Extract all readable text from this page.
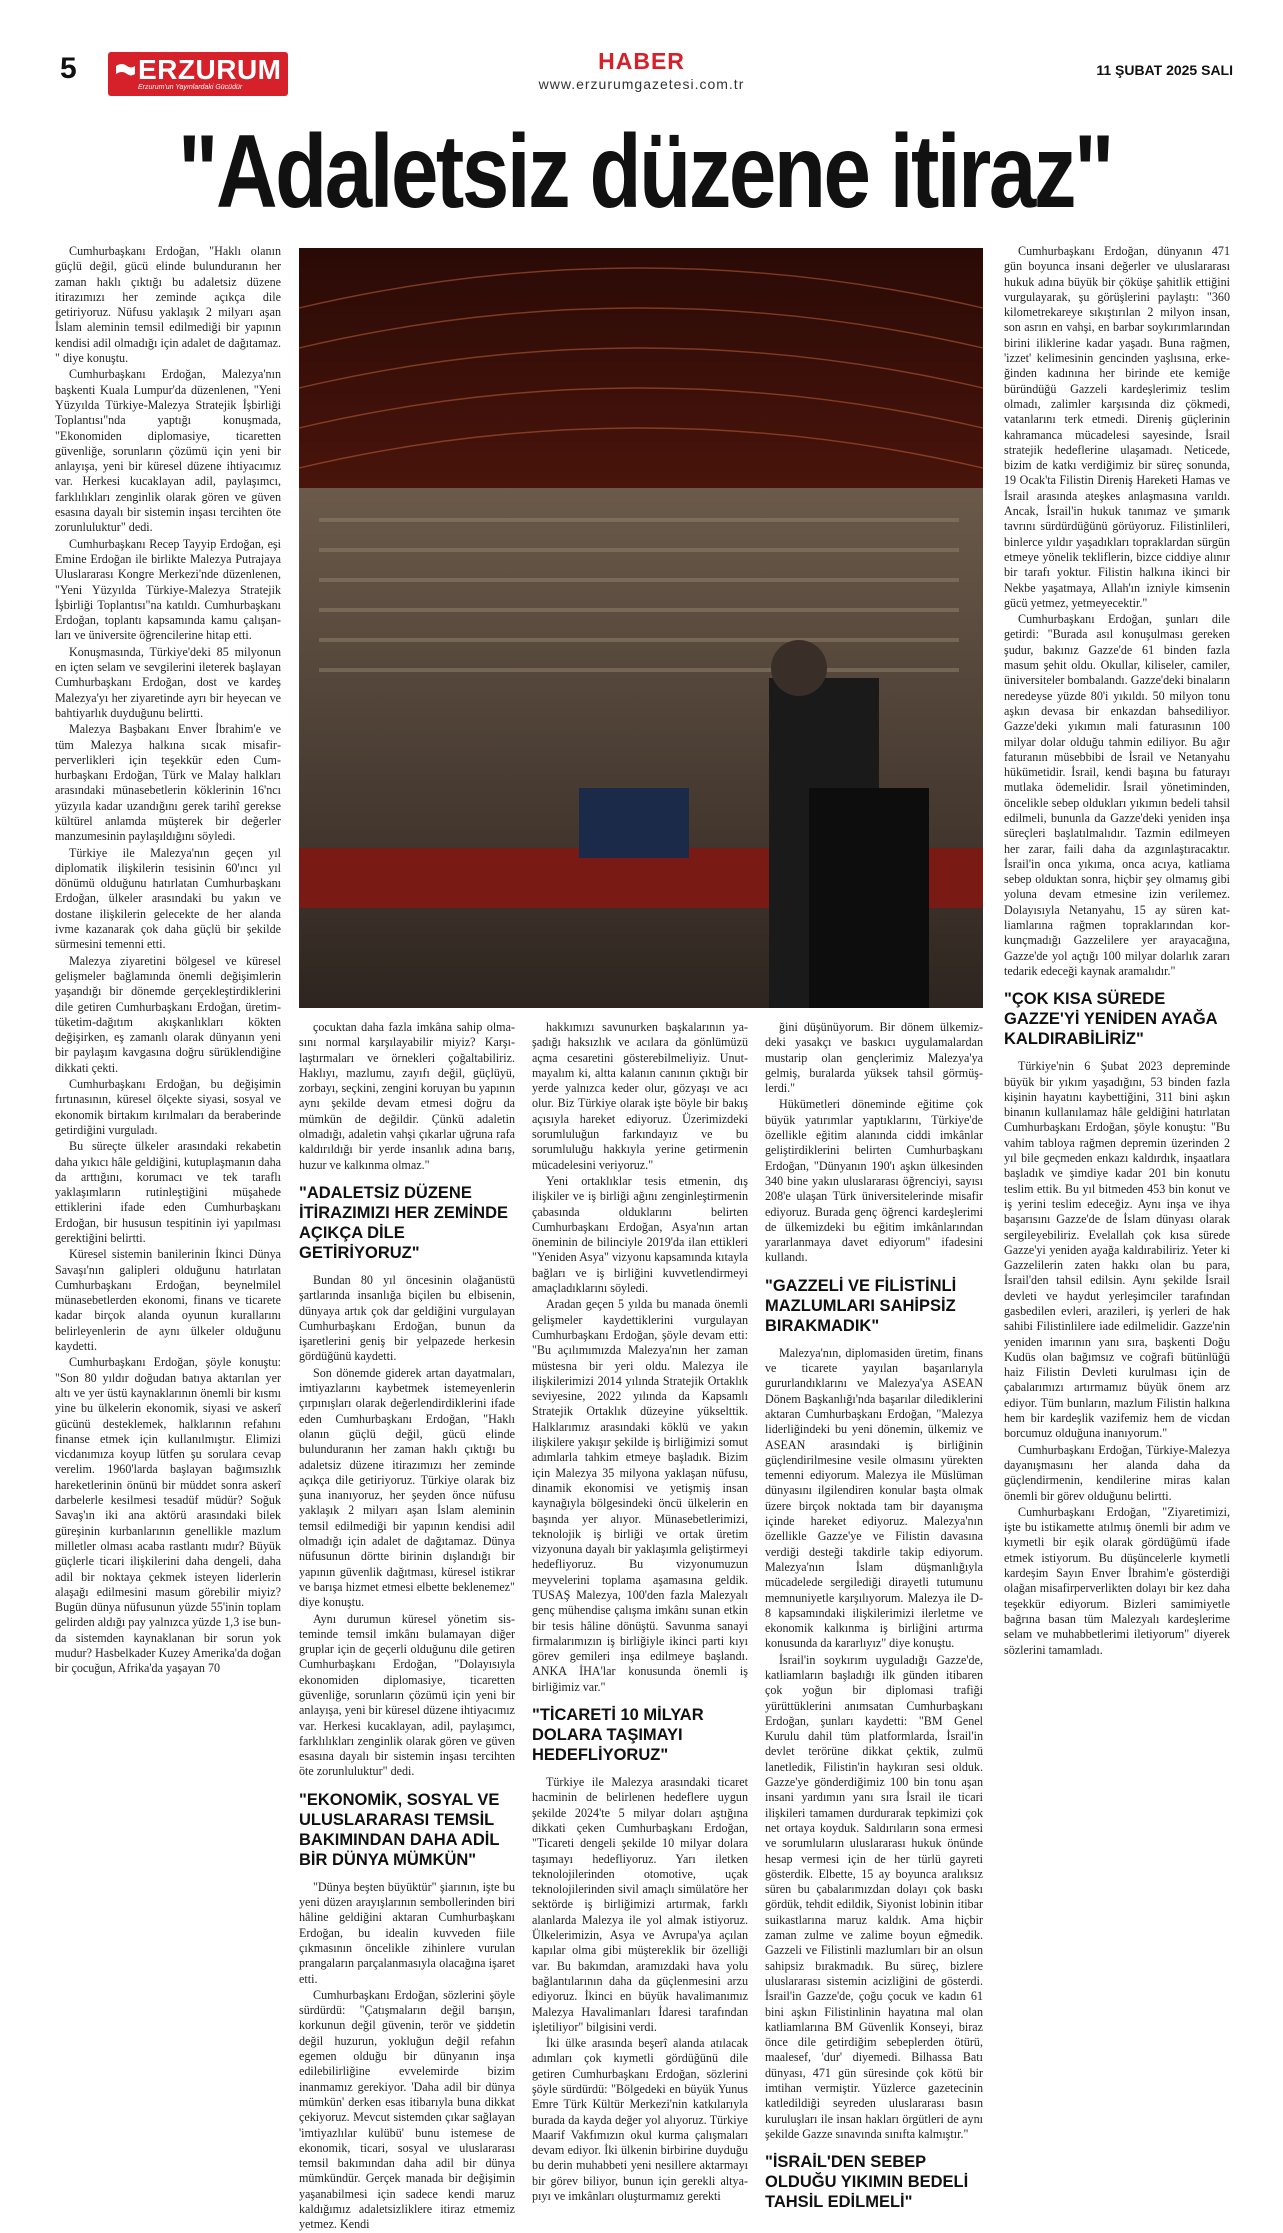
5 ERZURUM
Erzurum'un Yayınlardaki Gücüdür
HABER
www.erzurumgazetesi.com.tr
11 ŞUBAT 2025 SALI
"Adaletsiz düzene itiraz"

Cumhurbaşkanı Erdoğan, "Haklı olanın güçlü değil, gücü elinde bulunduranın her zaman haklı çıktığı bu adaletsiz düzene itirazımızı her zeminde açıkça dile getiriyoruz. Nüfusu yaklaşık 2 milyarı aşan İslam aleminin temsil edilmediği bir yapının kendisi adil olmadığı için adalet de dağıtamaz. " diye konuştu.

Cumhurbaşkanı Erdoğan, Malezya'nın başkenti Kuala Lumpur'da düzenlenen, "Yeni Yüzyılda Türkiye-Malezya Stratejik İşbirliği Toplantısı"nda yaptığı konuşmada, "Ekonomiden diplomasiye, ticaretten güvenliğe, sorunların çözümü için yeni bir anlayışa, yeni bir küresel düzene ihtiyacımız var. Herkesi kucaklayan adil, paylaşımcı, farklılıkları zenginlik olarak gören ve güven esasına dayalı bir sistemin inşası tercihten öte zorunluluktur" dedi.

Cumhurbaşkanı Recep Tayyip Erdoğan, eşi Emine Erdoğan ile birlikte Malezya Putrajaya Uluslararası Kongre Merkezi'nde düzenlenen, "Yeni Yüzyılda Türkiye-Malezya Stratejik İşbirliği Toplantısı"na katıldı. Cumhurbaşkanı Erdoğan, toplantı kapsamında kamu çalışanları ve üniversite öğrencilerine hitap etti.

Konuşmasında, Türkiye'deki 85 milyonun en içten selam ve sevgilerini ileterek başlayan Cumhurbaşkanı Erdoğan, dost ve kardeş Malezya'yı her ziyaretinde ayrı bir heyecan ve bahtiyarlık duyduğunu belirtti.

Malezya Başbakanı Enver İbrahim'e ve tüm Malezya halkına sıcak misafirperverlikleri için teşekkür eden Cumhurbaşkanı Erdoğan, Türk ve Malay halkları arasındaki münasebetlerin köklerinin 16'ncı yüzyıla kadar uzandığını gerek tarihî gerekse kültürel anlamda müşterek bir değerler manzumesinin paylaşıldığını söyledi.

Türkiye ile Malezya'nın geçen yıl diplomatik ilişkilerin tesisinin 60'ıncı yıl dönümü olduğunu hatırlatan Cumhurbaşkanı Erdoğan, ülkeler arasındaki bu yakın ve dostane ilişkilerin gelecekte de her alanda ivme kazanarak çok daha güçlü bir şekilde sürmesini temenni etti.

Malezya ziyaretini bölgesel ve küresel gelişmeler bağlamında önemli değişimlerin yaşandığı bir dönemde gerçekleştirdiklerini dile getiren Cumhurbaşkanı Erdoğan, üretim-tüketim-dağıtım akışkanlıkları kökten değişirken, eş zamanlı olarak dünyanın yeni bir paylaşım kavgasına doğru sürüklendiğine dikkati çekti.

Cumhurbaşkanı Erdoğan, bu değişimin fırtınasının, küresel ölçekte siyasi, sosyal ve ekonomik birtakım kırılmaları da beraberinde getirdiğini vurguladı.

Bu süreçte ülkeler arasındaki rekabetin daha yıkıcı hâle geldiğini, kutuplaşmanın daha da arttığını, korumacı ve tek taraflı yaklaşımların rutinleştiğini müşahede ettiklerini ifade eden Cumhurbaşkanı Erdoğan, bir hususun tespitinin iyi yapılması gerektiğini belirtti.

Küresel sistemin banilerinin İkinci Dünya Savaşı'nın galipleri olduğunu hatırlatan Cumhurbaşkanı Erdoğan, beynelmilel münasebetlerden ekonomi, finans ve ticarete kadar birçok alanda oyunun kurallarını belirleyenlerin de aynı ülkeler olduğunu kaydetti.

Cumhurbaşkanı Erdoğan, şöyle konuştu: "Son 80 yıldır doğudan batıya aktarılan yer altı ve yer üstü kaynaklarının önemli bir kısmı yine bu ülkelerin ekonomik, siyasi ve askerî gücünü desteklemek, halklarının refahını finanse etmek için kullanılmıştır. Elimizi vicdanımıza koyup lütfen şu sorulara cevap verelim. 1960'larda başlayan bağımsızlık hareketlerinin önünü bir müddet sonra askerî darbelerle kesilmesi tesadüf müdür? Soğuk Savaş'ın iki ana aktörü arasındaki bilek güreşinin kurbanlarının genellikle mazlum milletler olması acaba rastlantı mıdır? Büyük güçlerle ticari ilişkilerini daha dengeli, daha adil bir noktaya çekmek isteyen liderlerin alaşağı edilmesini masum görebilir miyiz? Bugün dünya nüfusunun yüzde 55'inin toplam gelirden aldığı pay yalnızca yüzde 1,3 ise bunda sistemden kaynaklanan bir sorun yok mudur? Hasbelkader Kuzey Amerika'da doğan bir çocuğun, Afrika'da yaşayan 70

çocuktan daha fazla imkâna sahip olmasını normal karşılayabilir miyiz? Karşılaştırmaları ve örnekleri çoğaltabiliriz. Haklıyı, mazlumu, zayıfı değil, güçlüyü, zorbayı, seçkini, zengini koruyan bu yapının aynı şekilde devam etmesi doğru da mümkün de değildir. Çünkü adaletin olmadığı, adaletin vahşi çıkarlar uğruna rafa kaldırıldığı bir yerde insanlık adına barış, huzur ve kalkınma olmaz."

"ADALETSİZ DÜZENE İTİRAZIMIZI HER ZEMİNDE AÇIKÇA DİLE GETİRİYORUZ"

Bundan 80 yıl öncesinin olağanüstü şartlarında insanlığa biçilen bu elbisenin, dünyaya artık çok dar geldiğini vurgulayan Cumhurbaşkanı Erdoğan, bunun da işaretlerini geniş bir yelpazede herkesin gördüğünü kaydetti.

Son dönemde giderek artan dayatmaları, imtiyazlarını kaybetmek istemeyenlerin çırpınışları olarak değerlendirdiklerini ifade eden Cumhurbaşkanı Erdoğan, "Haklı olanın güçlü değil, gücü elinde bulunduranın her zaman haklı çıktığı bu adaletsiz düzene itirazımızı her zeminde açıkça dile getiriyoruz. Türkiye olarak biz şuna inanıyoruz, her şeyden önce nüfusu yaklaşık 2 milyarı aşan İslam aleminin temsil edilmediği bir yapının kendisi adil olmadığı için adalet de dağıtamaz. Dünya nüfusunun dörtte birinin dışlandığı bir yapının güvenlik dağıtması, küresel istikrar ve barışa hizmet etmesi elbette beklenemez" diye konuştu.

Aynı durumun küresel yönetim sisteminde temsil imkânı bulamayan diğer gruplar için de geçerli olduğunu dile getiren Cumhurbaşkanı Erdoğan, "Dolayısıyla ekonomiden diplomasiye, ticaretten güvenliğe, sorunların çözümü için yeni bir anlayışa, yeni bir küresel düzene ihtiyacımız var. Herkesi kucaklayan, adil, paylaşımcı, farklılıkları zenginlik olarak gören ve güven esasına dayalı bir sistemin inşası tercihten öte zorunluluktur" dedi.

"EKONOMİK, SOSYAL VE ULUSLARARASI TEMSİL BAKIMINDAN DAHA ADİL BİR DÜNYA MÜMKÜN"

"Dünya beşten büyüktür" şiarının, işte bu yeni düzen arayışlarının sembollerinden biri hâline geldiğini aktaran Cumhurbaşkanı Erdoğan, bu idealin kuvveden fiile çıkmasının öncelikle zihinlere vurulan prangaların parçalanmasıyla olacağına işaret etti.

Cumhurbaşkanı Erdoğan, sözlerini şöyle sürdürdü: "Çatışmaların değil barışın, korkunun değil güvenin, terör ve şiddetin değil huzurun, yokluğun değil refahın egemen olduğu bir dünyanın inşa edilebilirliğine evvelemirde bizim inanmamız gerekiyor. 'Daha adil bir dünya mümkün' derken esas itibarıyla buna dikkat çekiyoruz. Mevcut sistemden çıkar sağlayan 'imtiyazlılar kulübü' bunu istemese de ekonomik, ticari, sosyal ve uluslararası temsil bakımından daha adil bir dünya mümkündür. Gerçek manada bir değişimin yaşanabilmesi için sadece kendi maruz kaldığımız adaletsizliklere itiraz etmemiz yetmez. Kendi

hakkımızı savunurken başkalarının yaşadığı haksızlık ve acılara da gönlümüzü açma cesaretini gösterebilmeliyiz. Unutmayalım ki, altta kalanın canının çıktığı bir yerde yalnızca keder olur, gözyaşı ve acı olur. Biz Türkiye olarak işte böyle bir bakış açısıyla hareket ediyoruz. Üzerimizdeki sorumluluğun farkındayız ve bu sorumluluğu hakkıyla yerine getirmenin mücadelesini veriyoruz."

Yeni ortaklıklar tesis etmenin, dış ilişkiler ve iş birliği ağını zenginleştirmenin çabasında olduklarını belirten Cumhurbaşkanı Erdoğan, Asya'nın artan öneminin de bilinciyle 2019'da ilan ettikleri "Yeniden Asya" vizyonu kapsamında kıtayla bağları ve iş birliğini kuvvetlendirmeyi amaçladıklarını söyledi.

Aradan geçen 5 yılda bu manada önemli gelişmeler kaydettiklerini vurgulayan Cumhurbaşkanı Erdoğan, şöyle devam etti: "Bu açılımımızda Malezya'nın her zaman müstesna bir yeri oldu. Malezya ile ilişkilerimizi 2014 yılında Stratejik Ortaklık seviyesine, 2022 yılında da Kapsamlı Stratejik Ortaklık düzeyine yükselttik. Halklarımız arasındaki köklü ve yakın ilişkilere yakışır şekilde iş birliğimizi somut adımlarla tahkim etmeye başladık. Bizim için Malezya 35 milyona yaklaşan nüfusu, dinamik ekonomisi ve yetişmiş insan kaynağıyla bölgesindeki öncü ülkelerin en başında yer alıyor. Münasebetlerimizi, teknolojik iş birliği ve ortak üretim vizyonuna dayalı bir yaklaşımla geliştirmeyi hedefliyoruz. Bu vizyonumuzun meyvelerini toplama aşamasına geldik. TUSAŞ Malezya, 100'den fazla Malezyalı genç mühendise çalışma imkânı sunan etkin bir tesis hâline dönüştü. Savunma sanayi firmalarımızın iş birliğiyle ikinci parti kıyı görev gemileri inşa edilmeye başlandı. ANKA İHA'lar konusunda önemli iş birliğimiz var."

"TİCARETİ 10 MİLYAR DOLARA TAŞIMAYI HEDEFLİYORUZ"

Türkiye ile Malezya arasındaki ticaret hacminin de belirlenen hedeflere uygun şekilde 2024'te 5 milyar doları aştığına dikkati çeken Cumhurbaşkanı Erdoğan, "Ticareti dengeli şekilde 10 milyar dolara taşımayı hedefliyoruz. Yarı iletken teknolojilerinden otomotive, uçak teknolojilerinden sivil amaçlı simülatöre her sektörde iş birliğimizi artırmak, farklı alanlarda Malezya ile yol almak istiyoruz. Ülkelerimizin, Asya ve Avrupa'ya açılan kapılar olma gibi müştereklik bir özelliği var. Bu bakımdan, aramızdaki hava yolu bağlantılarının daha da güçlenmesini arzu ediyoruz. İkinci en büyük havalimanımız Malezya Havalimanları İdaresi tarafından işletiliyor" bilgisini verdi.

İki ülke arasında beşerî alanda atılacak adımları çok kıymetli gördüğünü dile getiren Cumhurbaşkanı Erdoğan, sözlerini şöyle sürdürdü: "Bölgedeki en büyük Yunus Emre Türk Kültür Merkezi'nin katkılarıyla burada da kayda değer yol alıyoruz. Türkiye Maarif Vakfımızın okul kurma çalışmaları devam ediyor. İki ülkenin birbirine duyduğu bu derin muhabbeti yeni nesillere aktarmayı bir görev biliyor, bunun için gerekli altyapıyı ve imkânları oluşturmamız gerekti

ğini düşünüyorum. Bir dönem ülkemizdeki yasakçı ve baskıcı uygulamalardan mustarip olan gençlerimiz Malezya'ya gelmiş, buralarda yüksek tahsil görmüşlerdi."

Hükümetleri döneminde eğitime çok büyük yatırımlar yaptıklarını, Türkiye'de özellikle eğitim alanında ciddi imkânlar geliştirdiklerini belirten Cumhurbaşkanı Erdoğan, "Dünyanın 190'ı aşkın ülkesinden 340 bine yakın uluslararası öğrenciyi, sayısı 208'e ulaşan Türk üniversitelerinde misafir ediyoruz. Burada genç öğrenci kardeşlerimi de ülkemizdeki bu eğitim imkânlarından yararlanmaya davet ediyorum" ifadesini kullandı.

"GAZZELİ VE FİLİSTİNLİ MAZLUMLARI SAHİPSİZ BIRAKMADIK"

Malezya'nın, diplomasiden üretim, finans ve ticarete yayılan başarılarıyla gururlandıklarını ve Malezya'ya ASEAN Dönem Başkanlığı'nda başarılar dilediklerini aktaran Cumhurbaşkanı Erdoğan, "Malezya liderliğindeki bu yeni dönemin, ülkemiz ve ASEAN arasındaki iş birliğinin güçlendirilmesine vesile olmasını yürekten temenni ediyorum. Malezya ile Müslüman dünyasını ilgilendiren konular başta olmak üzere birçok noktada tam bir dayanışma içinde hareket ediyoruz. Malezya'nın özellikle Gazze'ye ve Filistin davasına verdiği desteği takdirle takip ediyorum. Malezya'nın İslam düşmanlığıyla mücadelede sergilediği dirayetli tutumunu memnuniyetle karşılıyorum. Malezya ile D-8 kapsamındaki ilişkilerimizi ilerletme ve ekonomik kalkınma iş birliğini artırma konusunda da kararlıyız" diye konuştu.

İsrail'in soykırım uyguladığı Gazze'de, katliamların başladığı ilk günden itibaren çok yoğun bir diplomasi trafiği yürüttüklerini anımsatan Cumhurbaşkanı Erdoğan, şunları kaydetti: "BM Genel Kurulu dahil tüm platformlarda, İsrail'in devlet terörüne dikkat çektik, zulmü lanetledik, Filistin'in haykıran sesi olduk. Gazze'ye gönderdiğimiz 100 bin tonu aşan insani yardımın yanı sıra İsrail ile ticari ilişkileri tamamen durdurarak tepkimizi çok net ortaya koyduk. Saldırıların sona ermesi ve sorumluların uluslararası hukuk önünde hesap vermesi için de her türlü gayreti gösterdik. Elbette, 15 ay boyunca aralıksız süren bu çabalarımızdan dolayı çok baskı gördük, tehdit edildik, Siyonist lobinin itibar suikastlarına maruz kaldık. Ama hiçbir zaman zulme ve zalime boyun eğmedik. Gazzeli ve Filistinli mazlumları bir an olsun sahipsiz bırakmadık. Bu süreç, bizlere uluslararası sistemin acizliğini de gösterdi. İsrail'in Gazze'de, çoğu çocuk ve kadın 61 bini aşkın Filistinlinin hayatına mal olan katliamlarına BM Güvenlik Konseyi, biraz önce dile getirdiğim sebeplerden ötürü, maalesef, 'dur' diyemedi. Bilhassa Batı dünyası, 471 gün süresinde çok kötü bir imtihan vermiştir. Yüzlerce gazetecinin katledildiği seyreden uluslararası basın kuruluşları ile insan hakları örgütleri de aynı şekilde Gazze sınavında sınıfta kalmıştır."

"İSRAİL'DEN SEBEP OLDUĞU YIKIMIN BEDELİ TAHSİL EDİLMELİ"

Cumhurbaşkanı Erdoğan, dünyanın 471 gün boyunca insani değerler ve uluslararası hukuk adına büyük bir çöküşe şahitlik ettiğini vurgulayarak, şu görüşlerini paylaştı: "360 kilometrekareye sıkıştırılan 2 milyon insan, son asrın en vahşi, en barbar soykırımlarından birini iliklerine kadar yaşadı. Buna rağmen, 'izzet' kelimesinin gencinden yaşlısına, erkeğinden kadınına her birinde ete kemiğe büründüğü Gazzeli kardeşlerimiz teslim olmadı, zalimler karşısında diz çökmedi, vatanlarını terk etmedi. Direniş güçlerinin kahramanca mücadelesi sayesinde, İsrail stratejik hedeflerine ulaşamadı. Neticede, bizim de katkı verdiğimiz bir süreç sonunda, 19 Ocak'ta Filistin Direniş Hareketi Hamas ve İsrail arasında ateşkes anlaşmasına varıldı. Ancak, İsrail'in hukuk tanımaz ve şımarık tavrını sürdürdüğünü görüyoruz. Filistinlileri, binlerce yıldır yaşadıkları topraklardan sürgün etmeye yönelik tekliflerin, bizce ciddiye alınır bir tarafı yoktur. Filistin halkına ikinci bir Nekbe yaşatmaya, Allah'ın izniyle kimsenin gücü yetmez, yetmeyecektir."

Cumhurbaşkanı Erdoğan, şunları dile getirdi: "Burada asıl konuşulması gereken şudur, bakınız Gazze'de 61 binden fazla masum şehit oldu. Okullar, kiliseler, camiler, üniversiteler bombalandı. Gazze'deki binaların neredeyse yüzde 80'i yıkıldı. 50 milyon tonu aşkın devasa bir enkazdan bahsediliyor. Gazze'deki yıkımın mali faturasının 100 milyar dolar olduğu tahmin ediliyor. Bu ağır faturanın müsebbibi de İsrail ve Netanyahu hükümetidir. İsrail, kendi başına bu faturayı mutlaka ödemelidir. İsrail yönetiminden, öncelikle sebep oldukları yıkımın bedeli tahsil edilmeli, bununla da Gazze'deki yeniden inşa süreçleri başlatılmalıdır. Tazmin edilmeyen her zarar, faili daha da azgınlaştıracaktır. İsrail'in onca yıkıma, onca acıya, katliama sebep olduktan sonra, hiçbir şey olmamış gibi yoluna devam etmesine izin verilemez. Dolayısıyla Netanyahu, 15 ay süren katliamlarına rağmen topraklarından korkunçmadığı Gazzelilere yer arayacağına, Gazze'de yol açtığı 100 milyar dolarlık zararı tedarik edeceği kaynak aramalıdır."

"ÇOK KISA SÜREDE GAZZE'Yİ YENİDEN AYAĞA KALDIRABİLİRİZ"

Türkiye'nin 6 Şubat 2023 depreminde büyük bir yıkım yaşadığını, 53 binden fazla kişinin hayatını kaybettiğini, 311 bini aşkın binanın kullanılamaz hâle geldiğini hatırlatan Cumhurbaşkanı Erdoğan, şöyle konuştu: "Bu vahim tabloya rağmen depremin üzerinden 2 yıl bile geçmeden enkazı kaldırdık, inşaatlara başladık ve şimdiye kadar 201 bin konutu teslim ettik. Bu yıl bitmeden 453 bin konut ve iş yerini teslim edeceğiz. Aynı inşa ve ihya başarısını Gazze'de de İslam dünyası olarak sergileyebiliriz. Evelallah çok kısa sürede Gazze'yi yeniden ayağa kaldırabiliriz. Yeter ki Gazzelilerin zaten hakkı olan bu para, İsrail'den tahsil edilsin. Aynı şekilde İsrail devleti ve haydut yerleşimciler tarafından gasbedilen evleri, arazileri, iş yerleri de hak sahibi Filistinlilere iade edilmelidir. Gazze'nin yeniden imarının yanı sıra, başkenti Doğu Kudüs olan bağımsız ve coğrafi bütünlüğü haiz Filistin Devleti kurulması için de çabalarımızı artırmamız büyük önem arz ediyor. Tüm bunların, mazlum Filistin halkına hem bir kardeşlik vazifemiz hem de vicdan borcumuz olduğuna inanıyorum."

Cumhurbaşkanı Erdoğan, Türkiye-Malezya dayanışmasını her alanda daha da güçlendirmenin, kendilerine miras kalan önemli bir görev olduğunu belirtti.

Cumhurbaşkanı Erdoğan, "Ziyaretimizi, işte bu istikamette atılmış önemli bir adım ve kıymetli bir eşik olarak gördüğümü ifade etmek istiyorum. Bu düşüncelerle kıymetli kardeşim Sayın Enver İbrahim'e gösterdiği olağan misafirperverlikten dolayı bir kez daha teşekkür ediyorum. Bizleri samimiyetle bağrına basan tüm Malezyalı kardeşlerime selam ve muhabbetlerimi iletiyorum" diyerek sözlerini tamamladı.
